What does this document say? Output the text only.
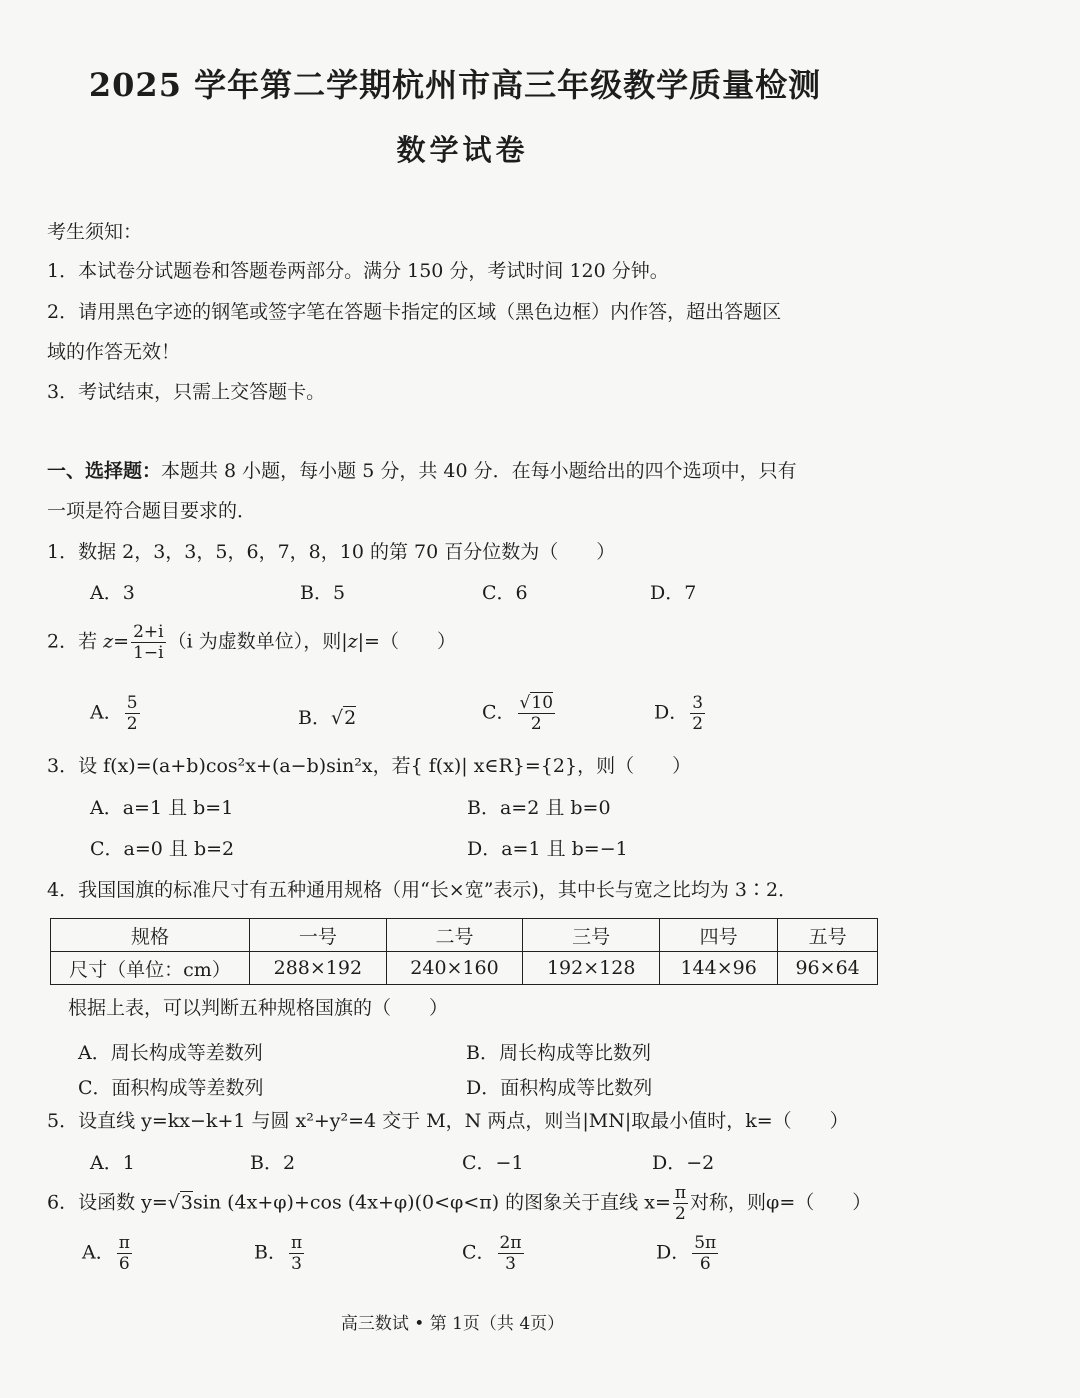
2025 学年第二学期杭州市高三年级教学质量检测
数学试卷
考生须知：
1．本试卷分试题卷和答题卷两部分。满分 150 分，考试时间 120 分钟。
2．请用黑色字迹的钢笔或签字笔在答题卡指定的区域（黑色边框）内作答，超出答题区
域的作答无效！
3．考试结束，只需上交答题卡。
一、选择题：本题共 8 小题，每小题 5 分，共 40 分．在每小题给出的四个选项中，只有
一项是符合题目要求的．
1．数据 2，3，3，5，6，7，8，10 的第 70 百分位数为（　　）
A．3	B．5	C．6	D．7
2．若 $z= \frac{2+i}{1-i} (i$ 为虚数单位），则|z|=（　　）
A． $\frac{5}{2}$	B．√2	C． $\frac{√10}{2}$	D． $\frac{3}{2}$
3．设 f(x)=(a+b)cos²x+(a−b)sin²x，若{ f(x)| x∈R}={2}，则（　　）
A．a=1 且 b=1	B．a=2 且 b=0
C．a=0 且 b=2	D．a=1 且 b=−1
4．我国国旗的标准尺寸有五种通用规格（用“长×宽”表示)，其中长与宽之比均为 3∶2．
规格	一号	二号	三号	四号	五号
尺寸（单位：cm）	288×192	240×160	192×128	144×96	96×64
根据上表，可以判断五种规格国旗的（　　）
A．周长构成等差数列	B．周长构成等比数列
C．面积构成等差数列	D．面积构成等比数列
5．设直线 y=kx−k+1 与圆 x²+y²=4 交于 M，N 两点，则当|MN|取最小值时，k=（　　）
A．1	B．2	C．−1	D．−2
6．设函数 y=√3sin (4x+φ)+cos (4x+φ)(0<φ<π) 的图象关于直线 $x= \frac{\pi}{2}$ 对称，则φ=（　　）
A． $\frac{\pi}{6}$	B． $\frac{\pi}{3}$	C． $\frac{2\pi}{3}$	D． $\frac{5\pi}{6}$
高三数试 • 第 1页（共 4页）
